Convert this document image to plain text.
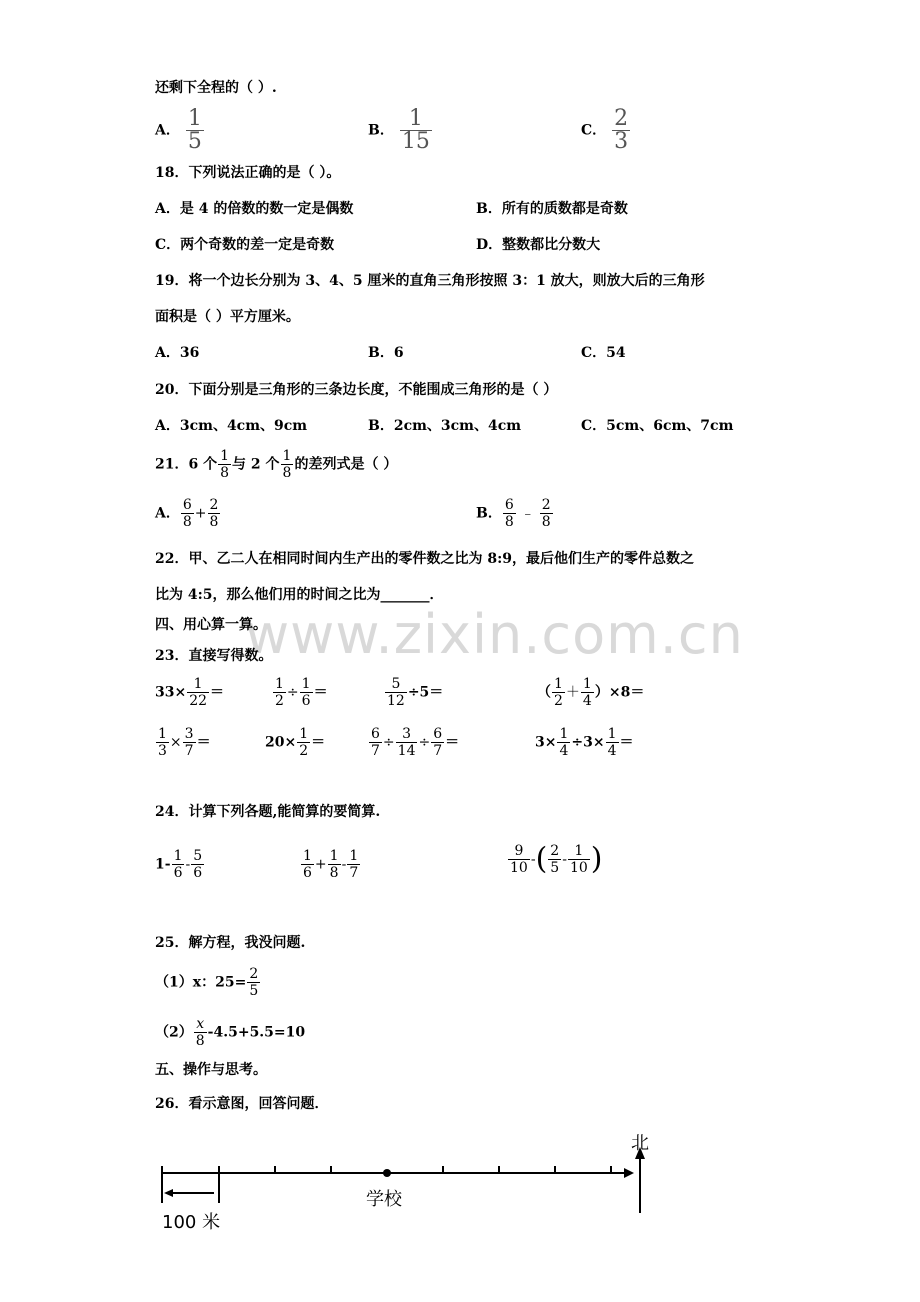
www.zixin.com.cn
还剩下全程的（ ）.
A． $\frac{1}{5}$	B． $\frac{1}{15}$	C． $\frac{2}{3}$
18．下列说法正确的是（ ）。
A．是 4 的倍数的数一定是偶数	B．所有的质数都是奇数
C．两个奇数的差一定是奇数	D．整数都比分数大
19．将一个边长分别为 3、4、5 厘米的直角三角形按照 3：1 放大，则放大后的三角形
面积是（ ）平方厘米。
A．36	B．6	C．54
20．下面分别是三角形的三条边长度，不能围成三角形的是（ ）
A．3cm、4cm、9cm	B．2cm、3cm、4cm	C．5cm、6cm、7cm
21．6 个 $\frac{1}{8}$ 与 2 个 $\frac{1}{8}$ 的差列式是（ ）
A． $\frac{6}{8} + \frac{2}{8}$	B． $\frac{6}{8}$ ﹣ $\frac{2}{8}$
22．甲、乙二人在相同时间内生产出的零件数之比为 8:9，最后他们生产的零件总数之
比为 4:5，那么他们用的时间之比为_______．
四、用心算一算。
23．直接写得数。
$33\times \frac{1}{22}$ ＝	$\frac{1}{2} \div \frac{1}{6}$ ＝	$\frac{5}{12} \div 5=$	（ $\frac{1}{2} + \frac{1}{4} )\times 8=$
$\frac{1}{3} \times \frac{3}{7}$ ＝	$20\times \frac{1}{2}$ ＝	$\frac{6}{7} \div \frac{3}{14} \div \frac{6}{7}$ ＝	$3\times \frac{1}{4} \div 3\times \frac{1}{4}$ ＝
24．计算下列各题,能简算的要简算.
$1- \frac{1}{6} - \frac{5}{6}$	$\frac{1}{6} + \frac{1}{8} - \frac{1}{7}$	$\frac{9}{10}$ -( $\frac{2}{5} - \frac{1}{10}$ )
25．解方程，我没问题.
（1）x：$25= \frac{2}{5}$
$(2) \frac{x}{8} -4.5+5.5=10$
五、操作与思考。
26．看示意图，回答问题．
北
学校
100 米
